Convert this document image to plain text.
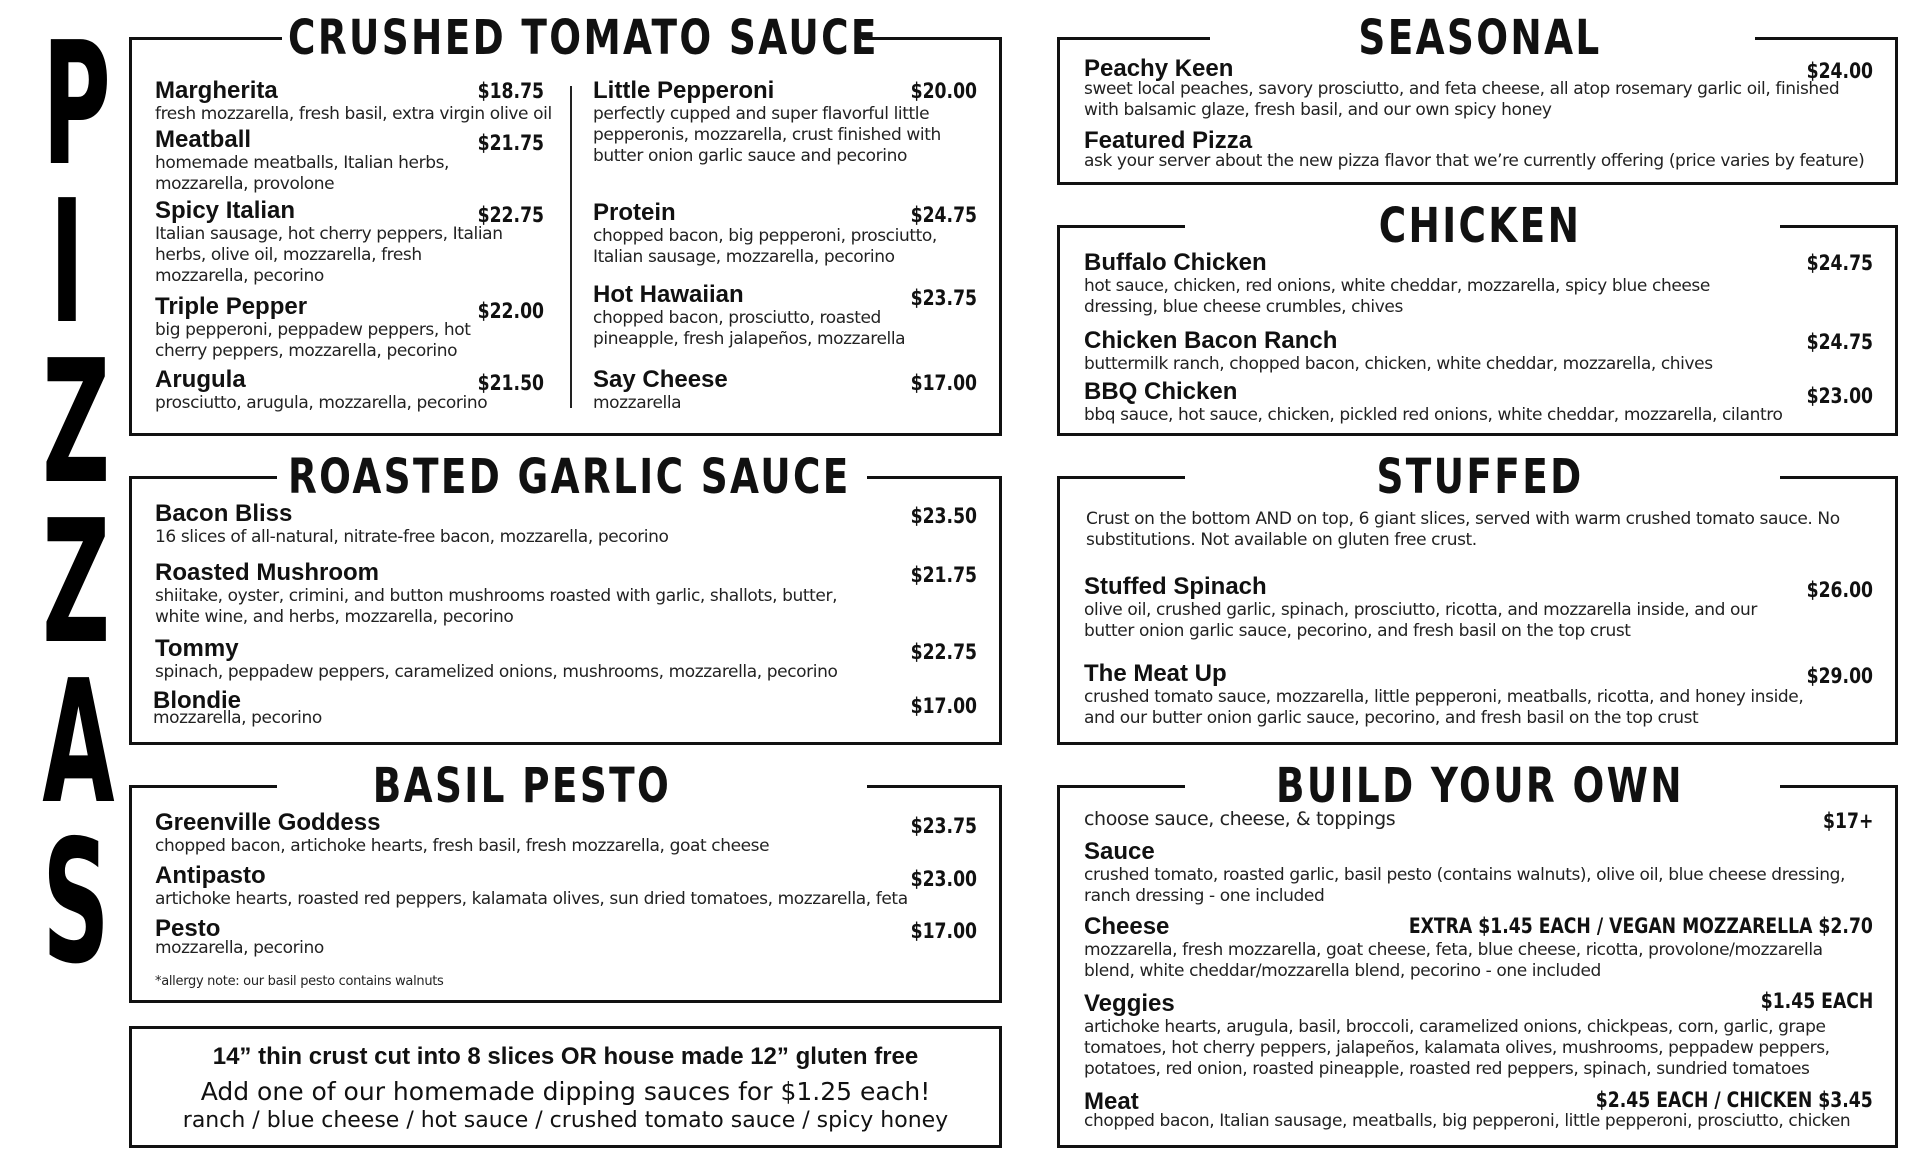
P
I
Z
Z
A
S
CRUSHED TOMATO SAUCE
Margherita
fresh mozzarella, fresh basil, extra virgin olive oil
$18.75
Meatball
homemade meatballs, Italian herbs, mozzarella, provolone
$21.75
Spicy Italian
Italian sausage, hot cherry peppers, Italian herbs, olive oil, mozzarella, fresh mozzarella, pecorino
$22.75
Triple Pepper
big pepperoni, peppadew peppers, hot cherry peppers, mozzarella, pecorino
$22.00
Arugula
prosciutto, arugula, mozzarella, pecorino
$21.50
Little Pepperoni
perfectly cupped and super flavorful little pepperonis, mozzarella, crust finished with butter onion garlic sauce and pecorino
$20.00
Protein
chopped bacon, big pepperoni, prosciutto, Italian sausage, mozzarella, pecorino
$24.75
Hot Hawaiian
chopped bacon, prosciutto, roasted pineapple, fresh jalapeños, mozzarella
$23.75
Say Cheese
mozzarella
$17.00
ROASTED GARLIC SAUCE
Bacon Bliss
16 slices of all-natural, nitrate-free bacon, mozzarella, pecorino
$23.50
Roasted Mushroom
shiitake, oyster, crimini, and button mushrooms roasted with garlic, shallots, butter, white wine, and herbs, mozzarella, pecorino
$21.75
Tommy
spinach, peppadew peppers, caramelized onions, mushrooms, mozzarella, pecorino
$22.75
Blondie
mozzarella, pecorino	$17.00
BASIL PESTO
Greenville Goddess
chopped bacon, artichoke hearts, fresh basil, fresh mozzarella, goat cheese
$23.75
Antipasto
artichoke hearts, roasted red peppers, kalamata olives, sun dried tomatoes, mozzarella, feta
$23.00
Pesto
mozzarella, pecorino
$17.00
*allergy note: our basil pesto contains walnuts
14” thin crust cut into 8 slices OR house made 12” gluten free
Add one of our homemade dipping sauces for $1.25 each!
ranch / blue cheese / hot sauce / crushed tomato sauce / spicy honey
SEASONAL
Peachy Keen
sweet local peaches, savory prosciutto, and feta cheese, all atop rosemary garlic oil, finished with balsamic glaze, fresh basil, and our own spicy honey
$24.00
Featured Pizza
ask your server about the new pizza flavor that we’re currently offering (price varies by feature)
CHICKEN
Buffalo Chicken
hot sauce, chicken, red onions, white cheddar, mozzarella, spicy blue cheese dressing, blue cheese crumbles, chives
$24.75
Chicken Bacon Ranch
buttermilk ranch, chopped bacon, chicken, white cheddar, mozzarella, chives
$24.75
BBQ Chicken
bbq sauce, hot sauce, chicken, pickled red onions, white cheddar, mozzarella, cilantro
$23.00
STUFFED
Crust on the bottom AND on top, 6 giant slices, served with warm crushed tomato sauce. No substitutions. Not available on gluten free crust.
Stuffed Spinach
olive oil, crushed garlic, spinach, prosciutto, ricotta, and mozzarella inside, and our butter onion garlic sauce, pecorino, and fresh basil on the top crust
$26.00
The Meat Up
crushed tomato sauce, mozzarella, little pepperoni, meatballs, ricotta, and honey inside, and our butter onion garlic sauce, pecorino, and fresh basil on the top crust
$29.00
BUILD YOUR OWN
choose sauce, cheese, & toppings	$17+
Sauce
crushed tomato, roasted garlic, basil pesto (contains walnuts), olive oil, blue cheese dressing, ranch dressing - one included
Cheese
mozzarella, fresh mozzarella, goat cheese, feta, blue cheese, ricotta, provolone/mozzarella blend, white cheddar/mozzarella blend, pecorino - one included
EXTRA $1.45 EACH / VEGAN MOZZARELLA $2.70
Veggies
artichoke hearts, arugula, basil, broccoli, caramelized onions, chickpeas, corn, garlic, grape tomatoes, hot cherry peppers, jalapeños, kalamata olives, mushrooms, peppadew peppers, potatoes, red onion, roasted pineapple, roasted red peppers, spinach, sundried tomatoes
$1.45 EACH
Meat
chopped bacon, Italian sausage, meatballs, big pepperoni, little pepperoni, prosciutto, chicken
$2.45 EACH / CHICKEN $3.45
